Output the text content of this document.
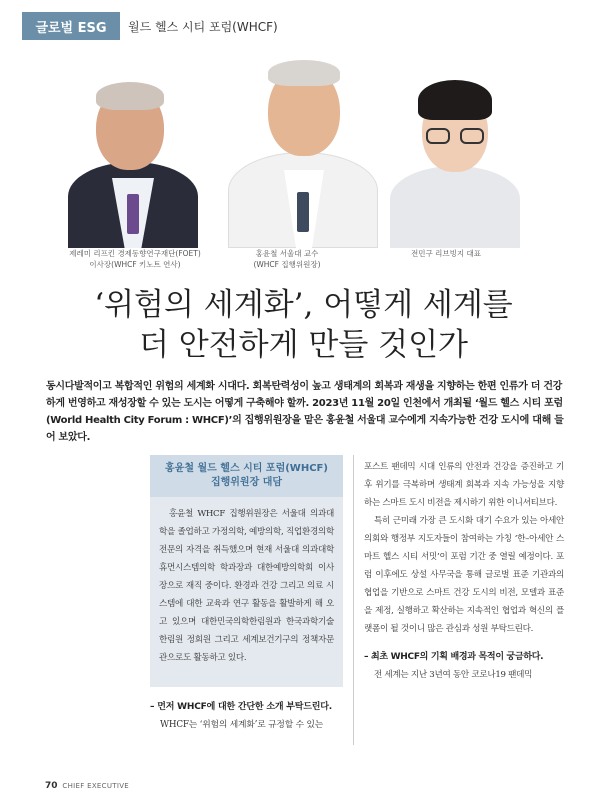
글로벌 ESG	월드 헬스 시티 포럼(WHCF)
제레미 리프킨 경제동향연구재단(FOET)
이사장(WHCF 키노트 연사)
홍윤철 서울대 교수
(WHCF 집행위원장)
전민구 리브빙지 대표
‘위험의 세계화’, 어떻게 세계를
더 안전하게 만들 것인가

동시다발적이고 복합적인 위험의 세계화 시대다. 회복탄력성이 높고 생태계의 회복과 재생을 지향하는 한편 인류가 더 건강하게 번영하고 재성장할 수 있는 도시는 어떻게 구축해야 할까. 2023년 11월 20일 인천에서 개최될 ‘월드 헬스 시티 포럼(World Health City Forum : WHCF)’의 집행위원장을 맡은 홍윤철 서울대 교수에게 지속가능한 건강 도시에 대해 들어 보았다.

홍윤철 월드 헬스 시티 포럼(WHCF)
집행위원장 대담

홍윤철 WHCF 집행위원장은 서울대 의과대학을 졸업하고 가정의학, 예방의학, 직업환경의학 전문의 자격을 취득했으며 현재 서울대 의과대학 휴먼시스템의학 학과장과 대한예방의학회 이사장으로 재직 중이다. 환경과 건강 그리고 의료 시스템에 대한 교육과 연구 활동을 활발하게 해 오고 있으며 대한민국의학한림원과 한국과학기술한림원 정회원 그리고 세계보건기구의 정책자문관으로도 활동하고 있다.

– 먼저 WHCF에 대한 간단한 소개 부탁드린다.
WHCF는 ‘위험의 세계화’로 규정할 수 있는

포스트 팬데믹 시대 인류의 안전과 건강을 증진하고 기후 위기를 극복하며 생태계 회복과 지속 가능성을 지향하는 스마트 도시 비전을 제시하기 위한 이니셔티브다.

특히 근미래 가장 큰 도시화 대기 수요가 있는 아세안 의회와 행정부 지도자들이 참여하는 가칭 ‘한–아세안 스마트 헬스 시티 서밋’이 포럼 기간 중 열릴 예정이다. 포럼 이후에도 상설 사무국을 통해 글로벌 표준 기관과의 협업을 기반으로 스마트 건강 도시의 비전, 모델과 표준을 제정, 실행하고 확산하는 지속적인 협업과 혁신의 플랫폼이 될 것이니 많은 관심과 성원 부탁드린다.

– 최초 WHCF의 기획 배경과 목적이 궁금하다.

전 세계는 지난 3년여 동안 코로나19 팬데믹

70 CHIEF EXECUTIVE
